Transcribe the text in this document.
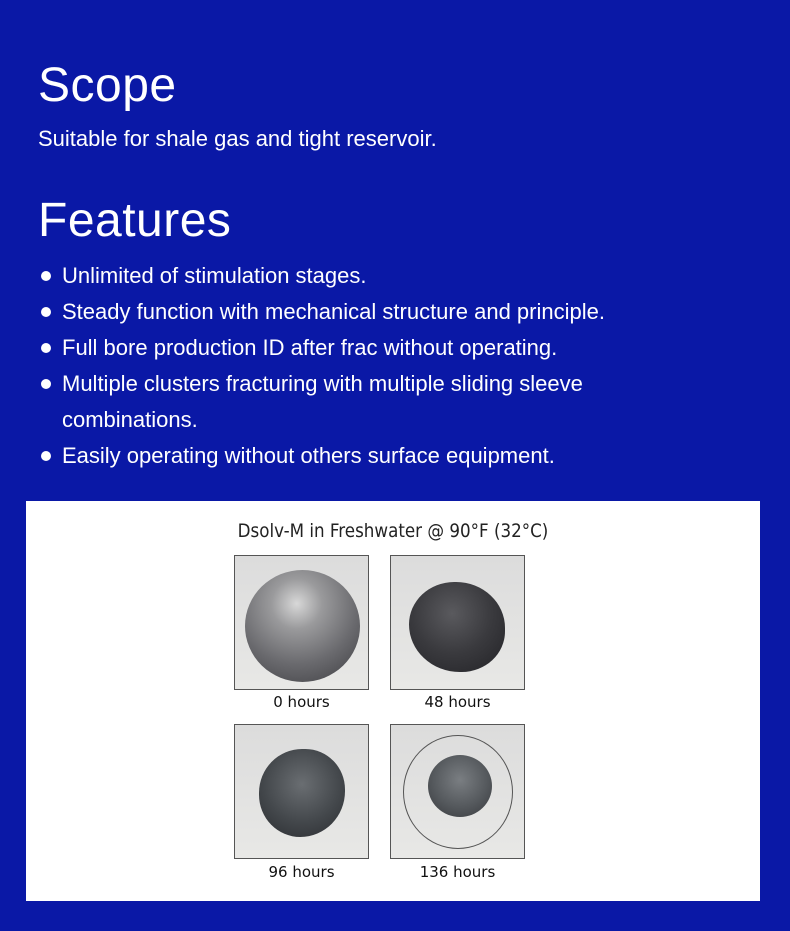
Scope
Suitable for shale gas and tight reservoir.
Features
Unlimited of stimulation stages.
Steady function with mechanical structure and principle.
Full bore production ID after frac without operating.
Multiple clusters fracturing with multiple sliding sleeve combinations.
Easily operating without others surface equipment.
Dsolv-M in Freshwater @ 90°F (32°C)
0 hours	48 hours
96 hours	136 hours
